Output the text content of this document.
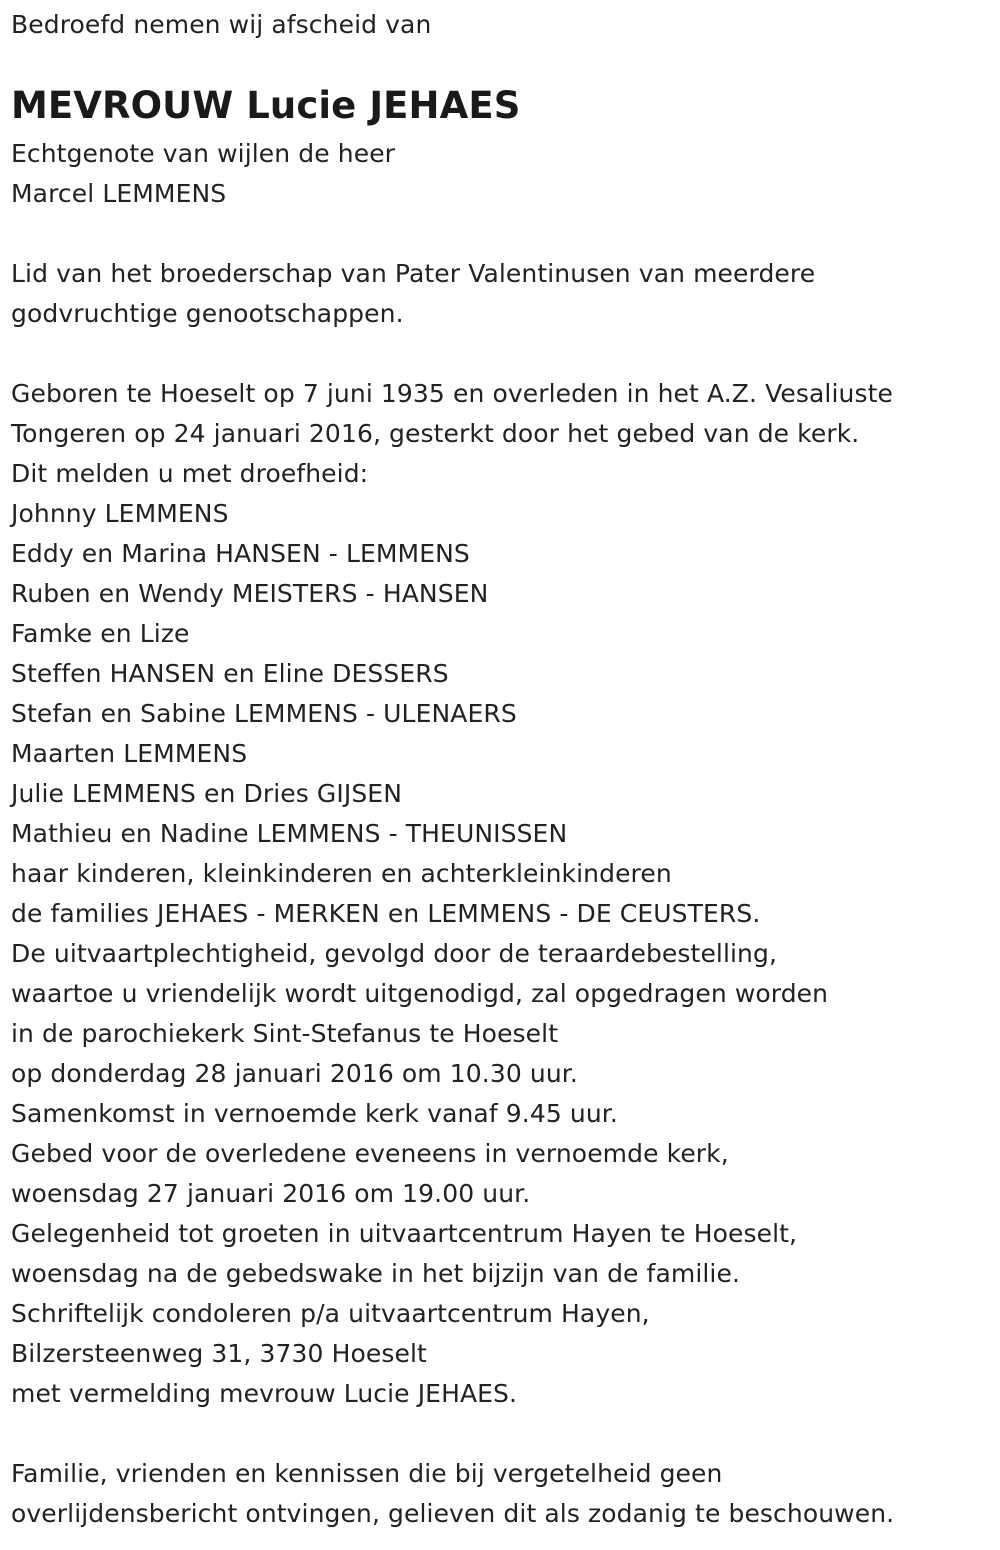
Bedroefd nemen wij afscheid van
MEVROUW Lucie JEHAES
Echtgenote van wijlen de heer
Marcel LEMMENS
Lid van het broederschap van Pater Valentinusen van meerdere
godvruchtige genootschappen.
Geboren te Hoeselt op 7 juni 1935 en overleden in het A.Z. Vesaliuste
Tongeren op 24 januari 2016, gesterkt door het gebed van de kerk.
Dit melden u met droefheid:
Johnny LEMMENS
Eddy en Marina HANSEN - LEMMENS
Ruben en Wendy MEISTERS - HANSEN
Famke en Lize
Steffen HANSEN en Eline DESSERS
Stefan en Sabine LEMMENS - ULENAERS
Maarten LEMMENS
Julie LEMMENS en Dries GIJSEN
Mathieu en Nadine LEMMENS - THEUNISSEN
haar kinderen, kleinkinderen en achterkleinkinderen
de families JEHAES - MERKEN en LEMMENS - DE CEUSTERS.
De uitvaartplechtigheid, gevolgd door de teraardebestelling,
waartoe u vriendelijk wordt uitgenodigd, zal opgedragen worden
in de parochiekerk Sint-Stefanus te Hoeselt
op donderdag 28 januari 2016 om 10.30 uur.
Samenkomst in vernoemde kerk vanaf 9.45 uur.
Gebed voor de overledene eveneens in vernoemde kerk,
woensdag 27 januari 2016 om 19.00 uur.
Gelegenheid tot groeten in uitvaartcentrum Hayen te Hoeselt,
woensdag na de gebedswake in het bijzijn van de familie.
Schriftelijk condoleren p/a uitvaartcentrum Hayen,
Bilzersteenweg 31, 3730 Hoeselt
met vermelding mevrouw Lucie JEHAES.
Familie, vrienden en kennissen die bij vergetelheid geen
overlijdensbericht ontvingen, gelieven dit als zodanig te beschouwen.
